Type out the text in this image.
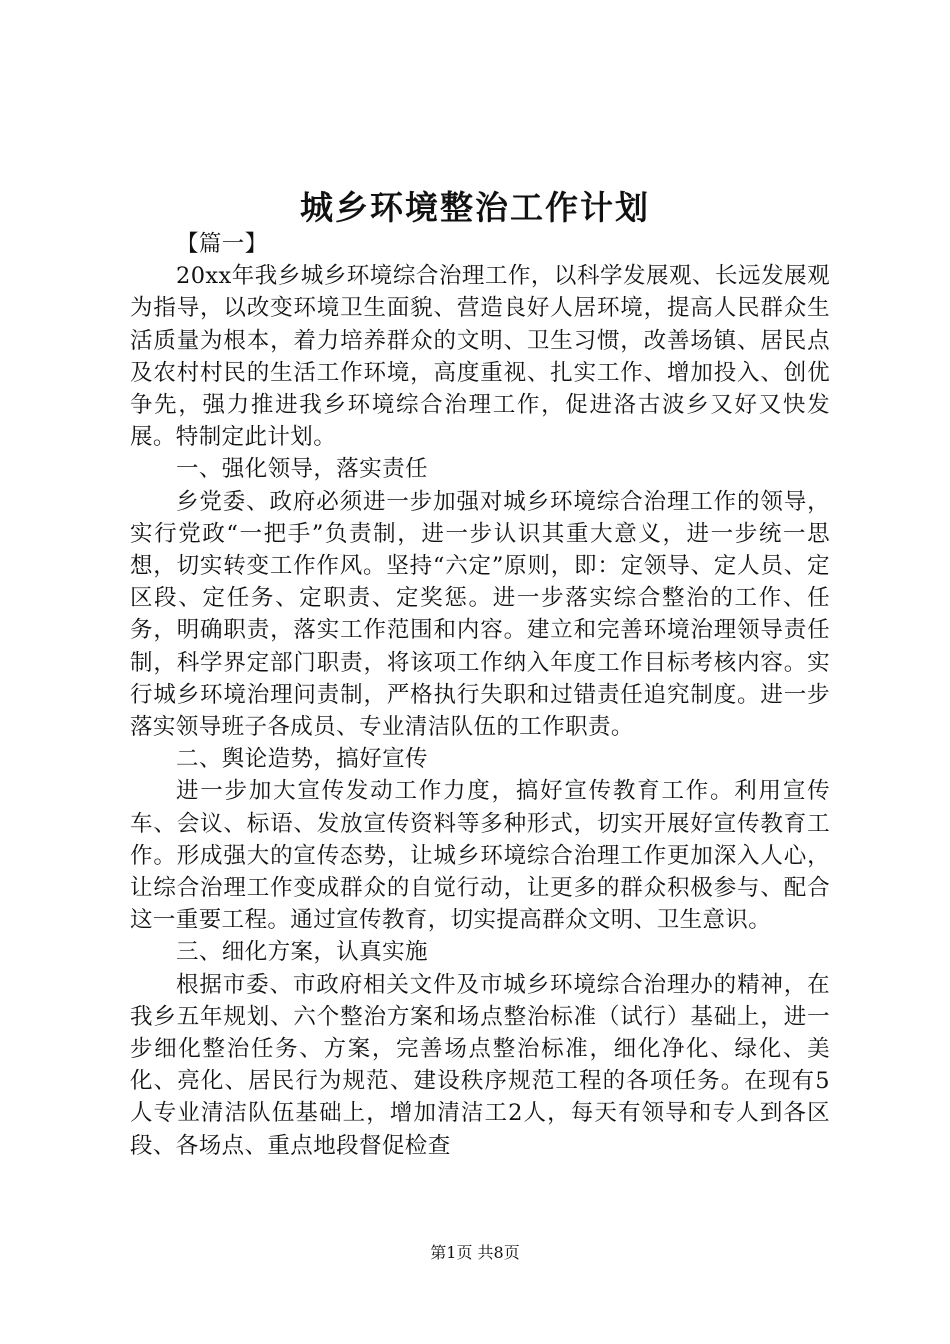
城乡环境整治工作计划

【篇一】

20xx年我乡城乡环境综合治理工作，以科学发展观、长远发展观为指导，以改变环境卫生面貌、营造良好人居环境，提高人民群众生活质量为根本，着力培养群众的文明、卫生习惯，改善场镇、居民点及农村村民的生活工作环境，高度重视、扎实工作、增加投入、创优争先，强力推进我乡环境综合治理工作，促进洛古波乡又好又快发展。特制定此计划。

一、强化领导，落实责任

乡党委、政府必须进一步加强对城乡环境综合治理工作的领导，实行党政“一把手”负责制，进一步认识其重大意义，进一步统一思想，切实转变工作作风。坚持“六定”原则，即：定领导、定人员、定区段、定任务、定职责、定奖惩。进一步落实综合整治的工作、任务，明确职责，落实工作范围和内容。建立和完善环境治理领导责任制，科学界定部门职责，将该项工作纳入年度工作目标考核内容。实行城乡环境治理问责制，严格执行失职和过错责任追究制度。进一步落实领导班子各成员、专业清洁队伍的工作职责。

二、舆论造势，搞好宣传

进一步加大宣传发动工作力度，搞好宣传教育工作。利用宣传车、会议、标语、发放宣传资料等多种形式，切实开展好宣传教育工作。形成强大的宣传态势，让城乡环境综合治理工作更加深入人心，让综合治理工作变成群众的自觉行动，让更多的群众积极参与、配合这一重要工程。通过宣传教育，切实提高群众文明、卫生意识。

三、细化方案，认真实施

根据市委、市政府相关文件及市城乡环境综合治理办的精神，在我乡五年规划、六个整治方案和场点整治标准（试行）基础上，进一步细化整治任务、方案，完善场点整治标准，细化净化、绿化、美化、亮化、居民行为规范、建设秩序规范工程的各项任务。在现有5人专业清洁队伍基础上，增加清洁工2人，每天有领导和专人到各区段、各场点、重点地段督促检查

第1页 共8页
